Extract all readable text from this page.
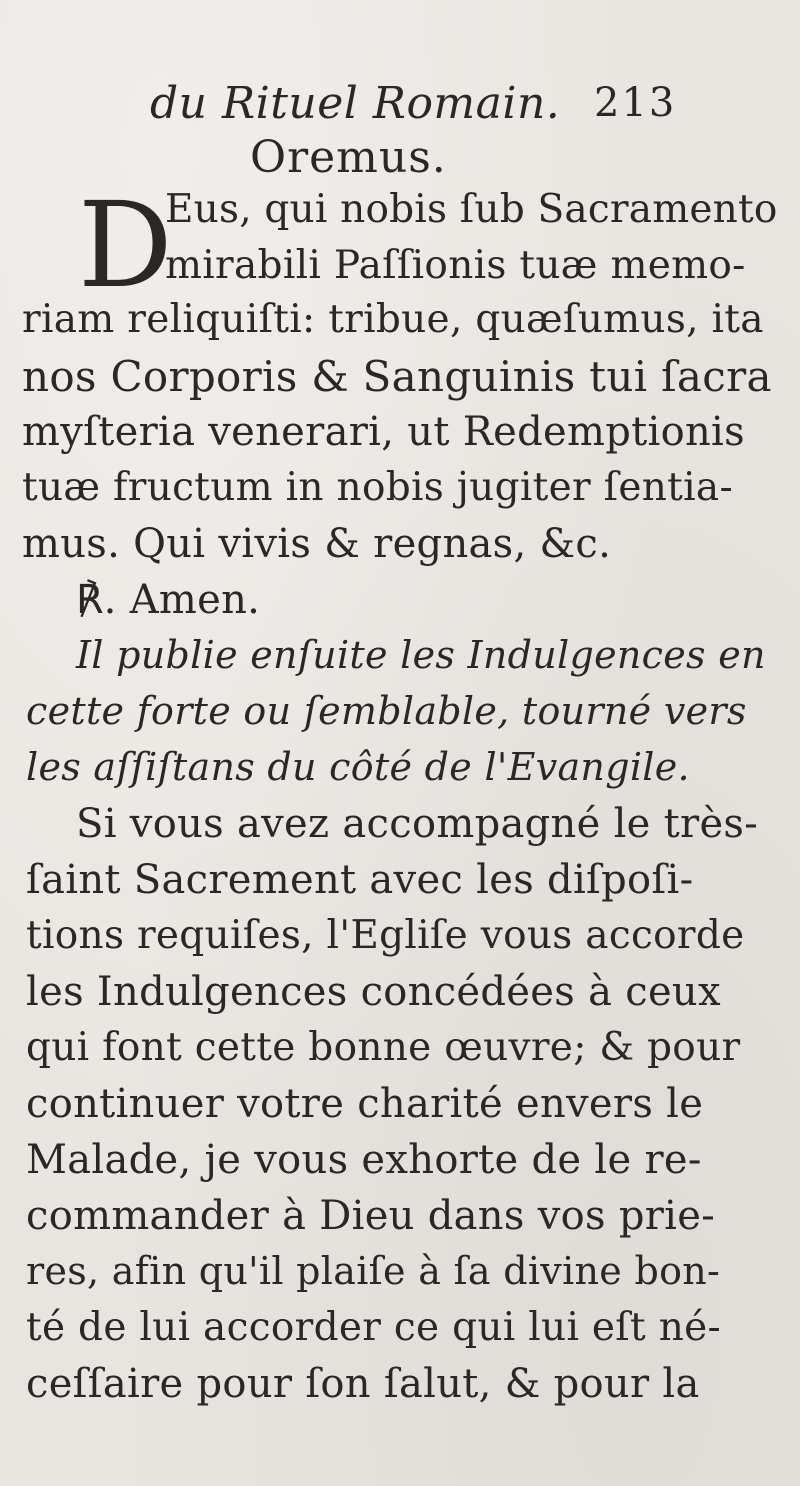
du Rituel Romain. 213
Oremus.
D
Eus, qui nobis ſub Sacramento
mirabili Paſſionis tuæ memo-
riam reliquiſti: tribue, quæſumus, ita
nos Corporis & Sanguinis tui ſacra
myſteria venerari, ut Redemptionis
tuæ fructum in nobis jugiter ſentia-
mus. Qui vivis & regnas, &c.
℟. Amen.
Il publie enſuite les Indulgences en
cette forte ou ſemblable, tourné vers
les aſſiſtans du côté de l'Evangile.
Si vous avez accompagné le très-
ſaint Sacrement avec les diſpoſi-
tions requiſes, l'Egliſe vous accorde
les Indulgences concédées à ceux
qui font cette bonne œuvre; & pour
continuer votre charité envers le
Malade, je vous exhorte de le re-
commander à Dieu dans vos prie-
res, afin qu'il plaiſe à ſa divine bon-
té de lui accorder ce qui lui eſt né-
ceſſaire pour ſon ſalut, & pour la
